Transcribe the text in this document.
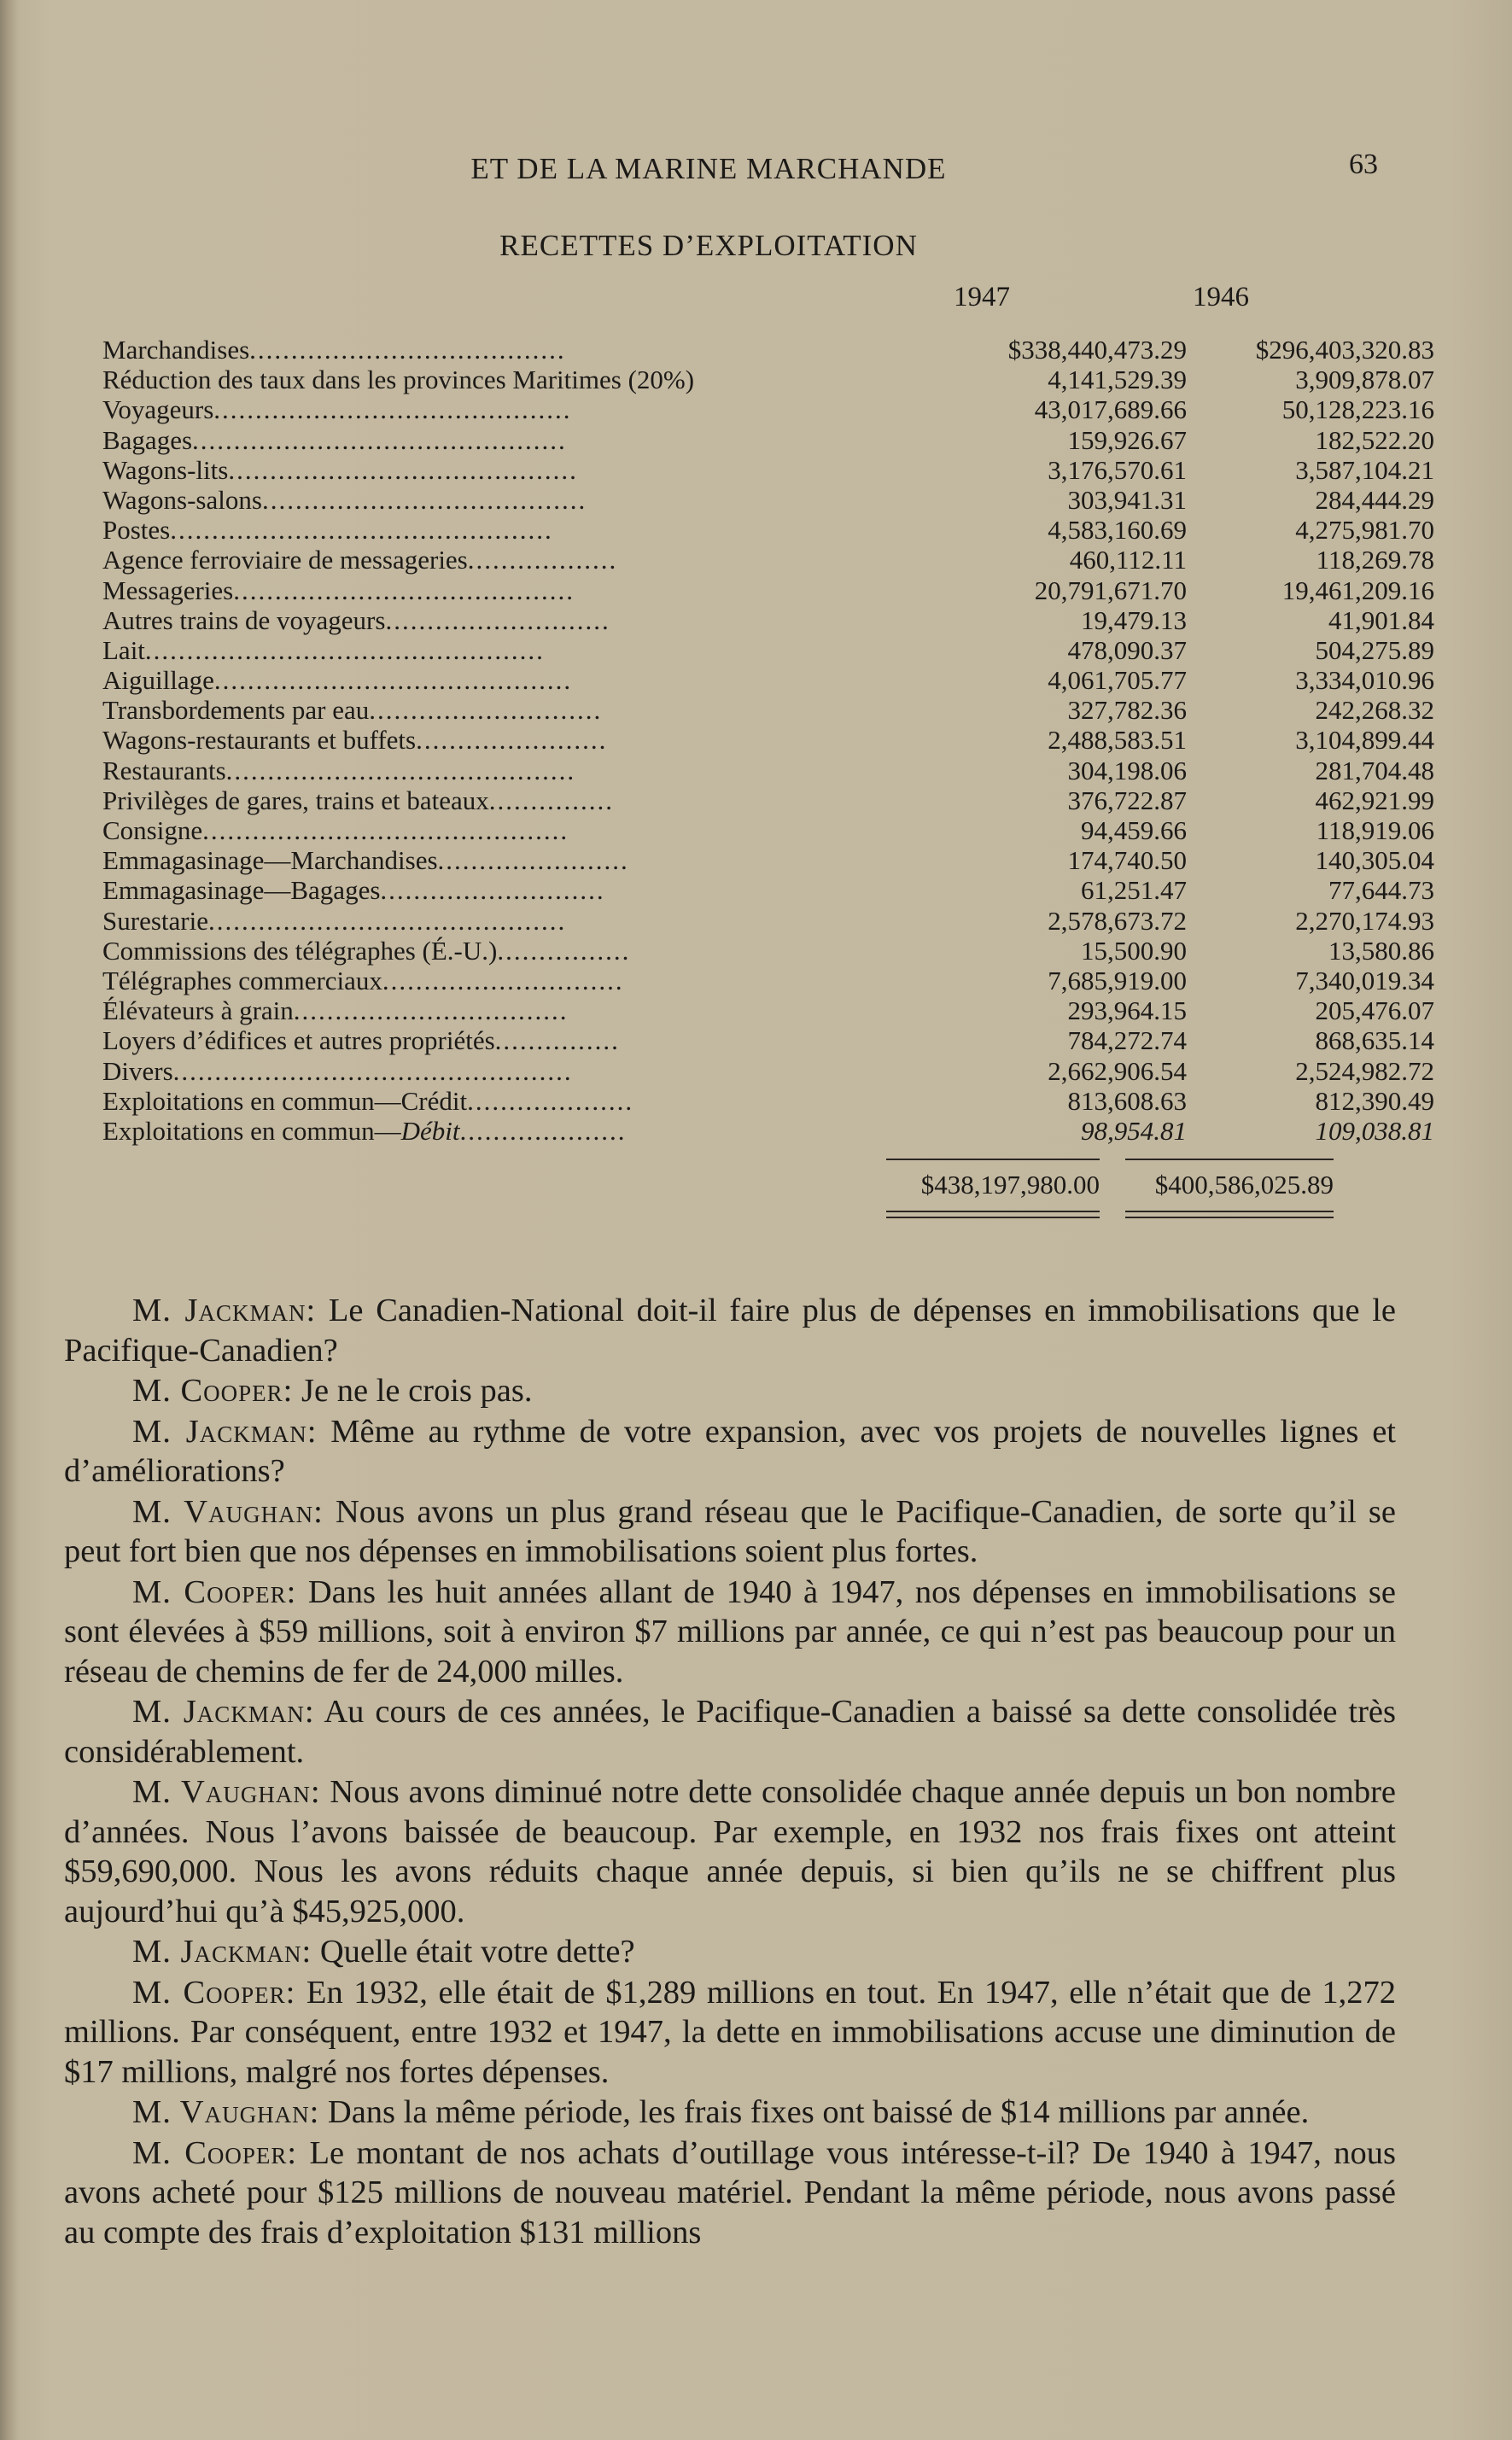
ET DE LA MARINE MARCHANDE	63
RECETTES D’EXPLOITATION
1947	1946
Marchandises......................................	$338,440,473.29	$296,403,320.83
Réduction des taux dans les provinces Maritimes (20%)	4,141,529.39	3,909,878.07
Voyageurs...........................................	43,017,689.66	50,128,223.16
Bagages.............................................	159,926.67	182,522.20
Wagons-lits..........................................	3,176,570.61	3,587,104.21
Wagons-salons.......................................	303,941.31	284,444.29
Postes..............................................	4,583,160.69	4,275,981.70
Agence ferroviaire de messageries..................	460,112.11	118,269.78
Messageries.........................................	20,791,671.70	19,461,209.16
Autres trains de voyageurs...........................	19,479.13	41,901.84
Lait................................................	478,090.37	504,275.89
Aiguillage...........................................	4,061,705.77	3,334,010.96
Transbordements par eau............................	327,782.36	242,268.32
Wagons-restaurants et buffets.......................	2,488,583.51	3,104,899.44
Restaurants..........................................	304,198.06	281,704.48
Privilèges de gares, trains et bateaux...............	376,722.87	462,921.99
Consigne............................................	94,459.66	118,919.06
Emmagasinage—Marchandises.......................	174,740.50	140,305.04
Emmagasinage—Bagages...........................	61,251.47	77,644.73
Surestarie...........................................	2,578,673.72	2,270,174.93
Commissions des télégraphes (É.-U.)................	15,500.90	13,580.86
Télégraphes commerciaux.............................	7,685,919.00	7,340,019.34
Élévateurs à grain.................................	293,964.15	205,476.07
Loyers d’édifices et autres propriétés...............	784,272.74	868,635.14
Divers................................................	2,662,906.54	2,524,982.72
Exploitations en commun—Crédit....................	813,608.63	812,390.49
Exploitations en commun—Débit....................	98,954.81	109,038.81
$438,197,980.00	$400,586,025.89

M. Jackman: Le Canadien-National doit-il faire plus de dépenses en immobilisations que le Pacifique-Canadien?

M. Cooper: Je ne le crois pas.

M. Jackman: Même au rythme de votre expansion, avec vos projets de nouvelles lignes et d’améliorations?

M. Vaughan: Nous avons un plus grand réseau que le Pacifique-Canadien, de sorte qu’il se peut fort bien que nos dépenses en immobilisations soient plus fortes.

M. Cooper: Dans les huit années allant de 1940 à 1947, nos dépenses en immobilisations se sont élevées à $59 millions, soit à environ $7 millions par année, ce qui n’est pas beaucoup pour un réseau de chemins de fer de 24,000 milles.

M. Jackman: Au cours de ces années, le Pacifique-Canadien a baissé sa dette consolidée très considérablement.

M. Vaughan: Nous avons diminué notre dette consolidée chaque année depuis un bon nombre d’années. Nous l’avons baissée de beaucoup. Par exemple, en 1932 nos frais fixes ont atteint $59,690,000. Nous les avons réduits chaque année depuis, si bien qu’ils ne se chiffrent plus aujourd’hui qu’à $45,925,000.

M. Jackman: Quelle était votre dette?

M. Cooper: En 1932, elle était de $1,289 millions en tout. En 1947, elle n’était que de 1,272 millions. Par conséquent, entre 1932 et 1947, la dette en immobilisations accuse une diminution de $17 millions, malgré nos fortes dépenses.

M. Vaughan: Dans la même période, les frais fixes ont baissé de $14 millions par année.

M. Cooper: Le montant de nos achats d’outillage vous intéresse-t-il? De 1940 à 1947, nous avons acheté pour $125 millions de nouveau matériel. Pendant la même période, nous avons passé au compte des frais d’exploitation $131 millions
